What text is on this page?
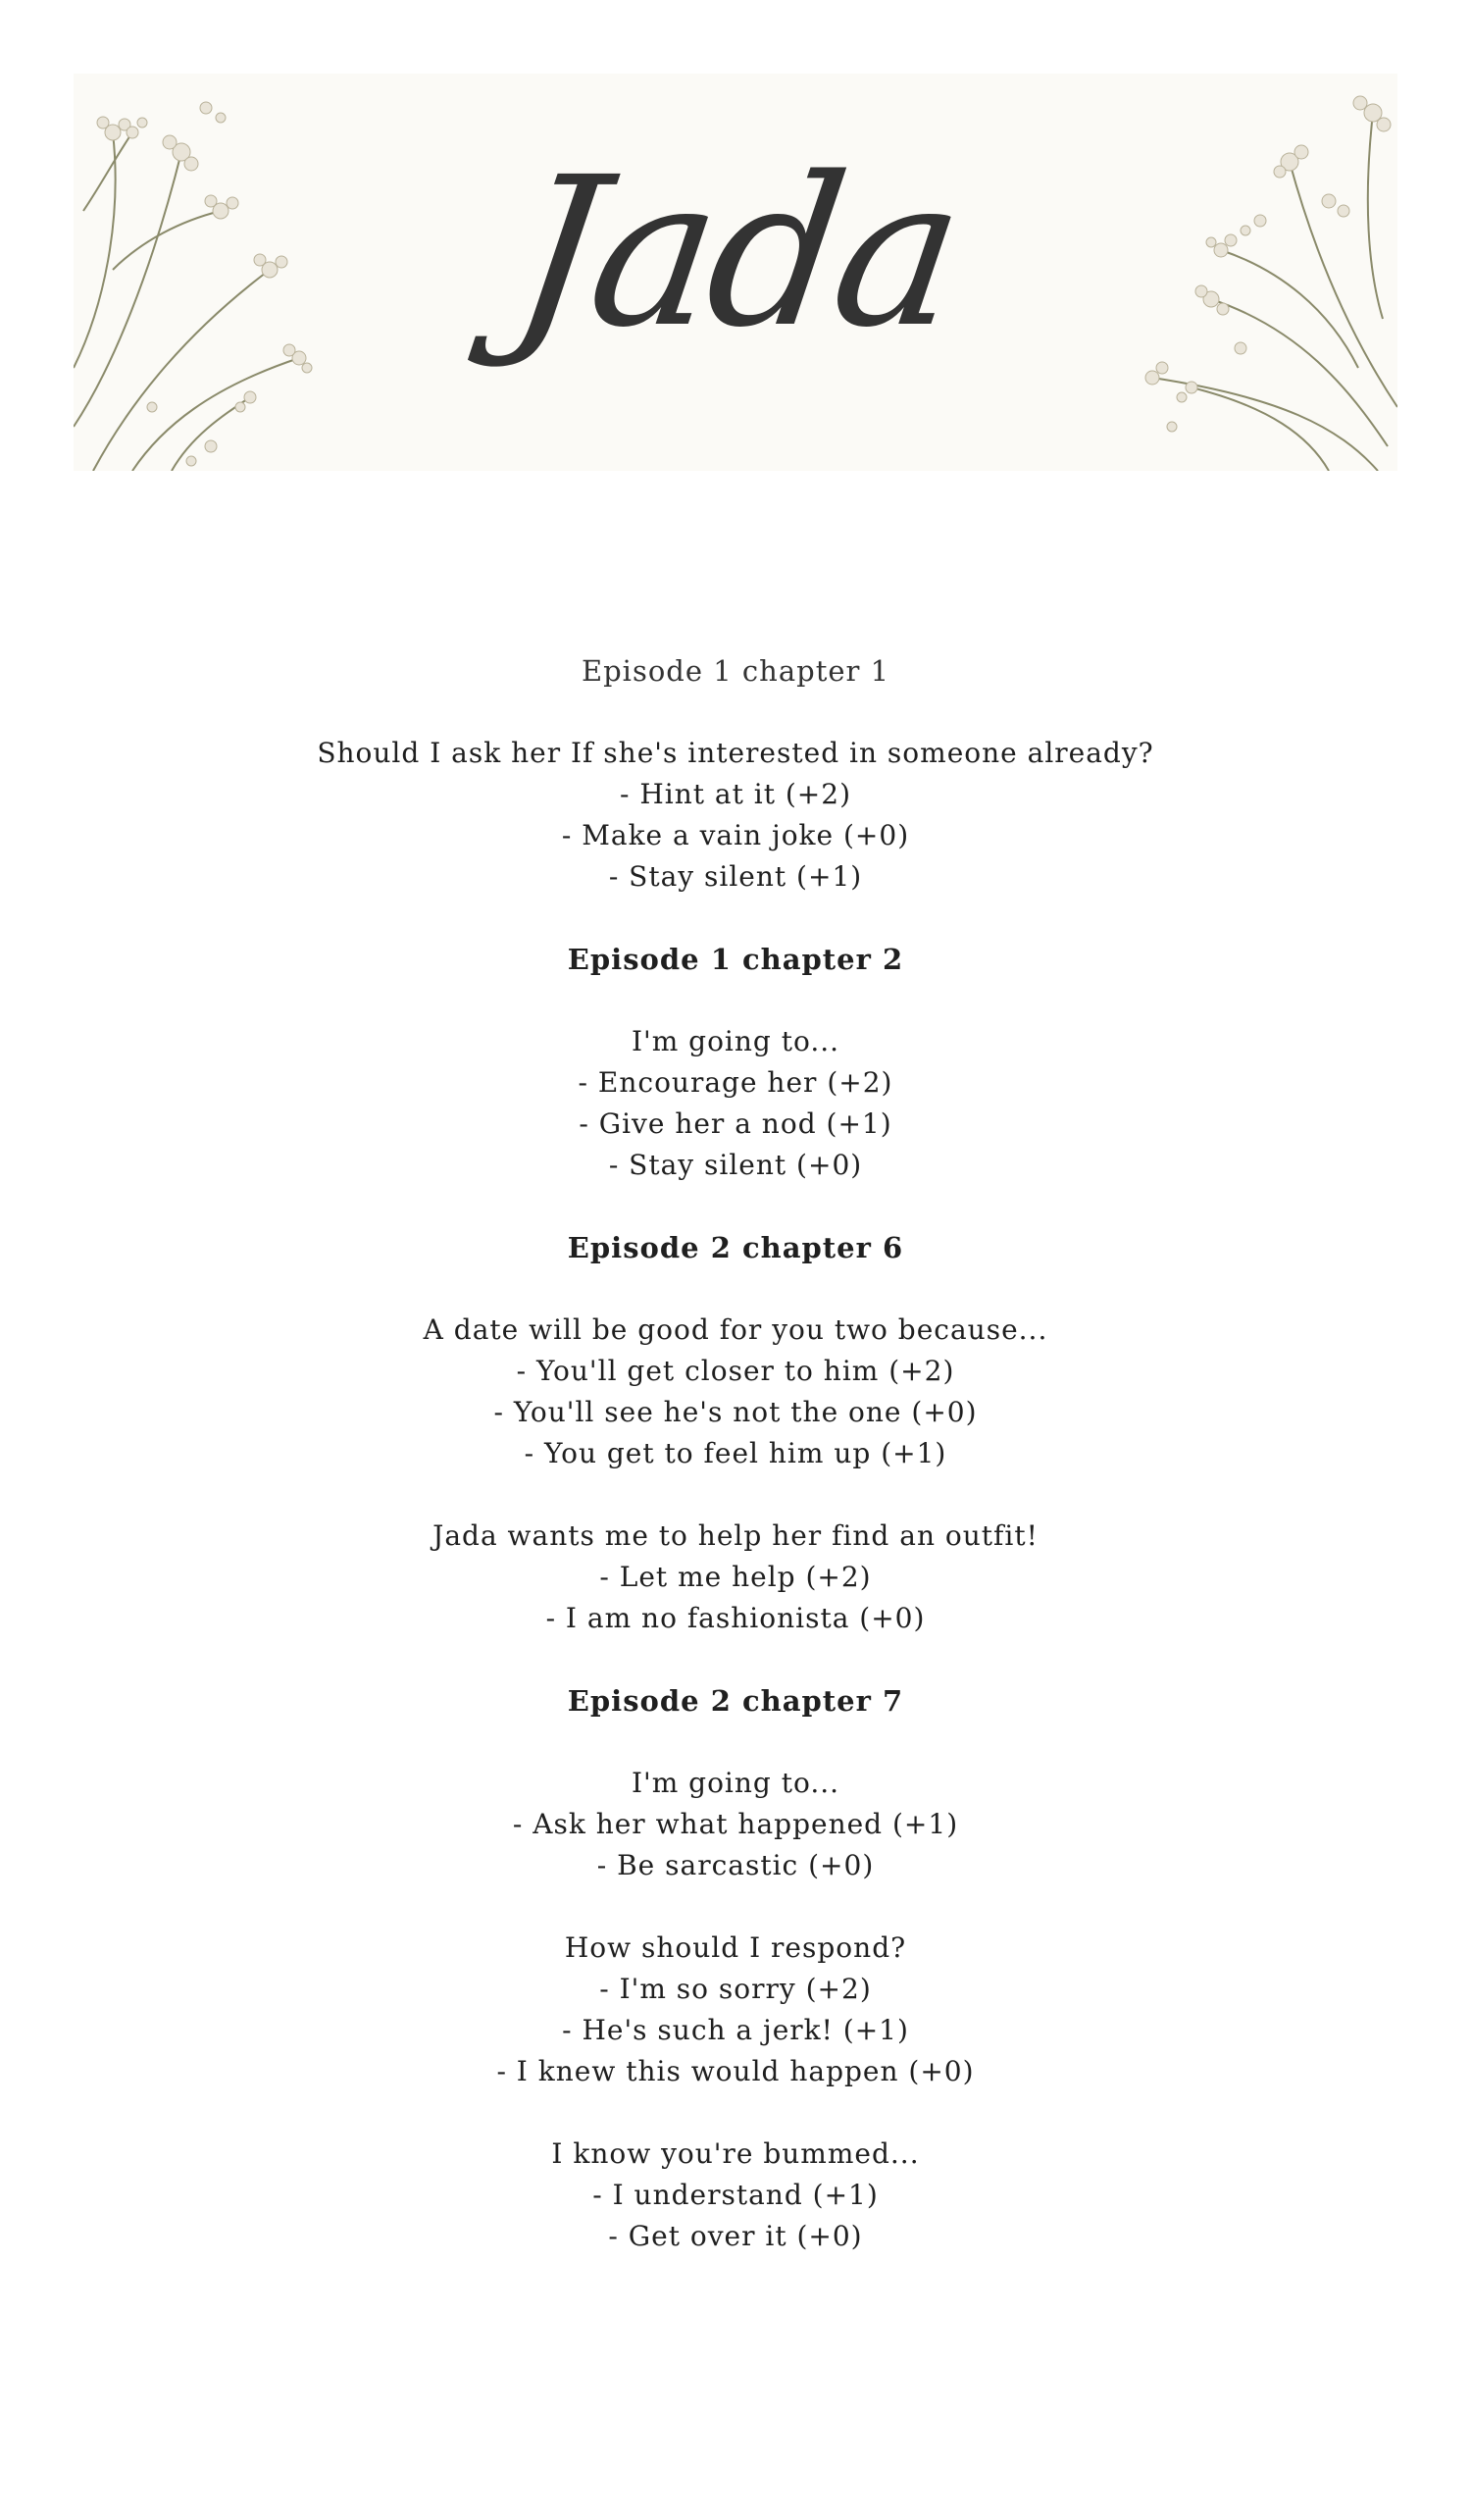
Jada
Episode 1 chapter 1
Should I ask her If she's interested in someone already?
- Hint at it (+2)
- Make a vain joke (+0)
- Stay silent (+1)
Episode 1 chapter 2
I'm going to...
- Encourage her (+2)
- Give her a nod (+1)
- Stay silent (+0)
Episode 2 chapter 6
A date will be good for you two because...
- You'll get closer to him (+2)
- You'll see he's not the one (+0)
- You get to feel him up (+1)
Jada wants me to help her find an outfit!
- Let me help (+2)
- I am no fashionista (+0)
Episode 2 chapter 7
I'm going to...
- Ask her what happened (+1)
- Be sarcastic (+0)
How should I respond?
- I'm so sorry (+2)
- He's such a jerk! (+1)
- I knew this would happen (+0)
I know you're bummed...
- I understand (+1)
- Get over it (+0)
